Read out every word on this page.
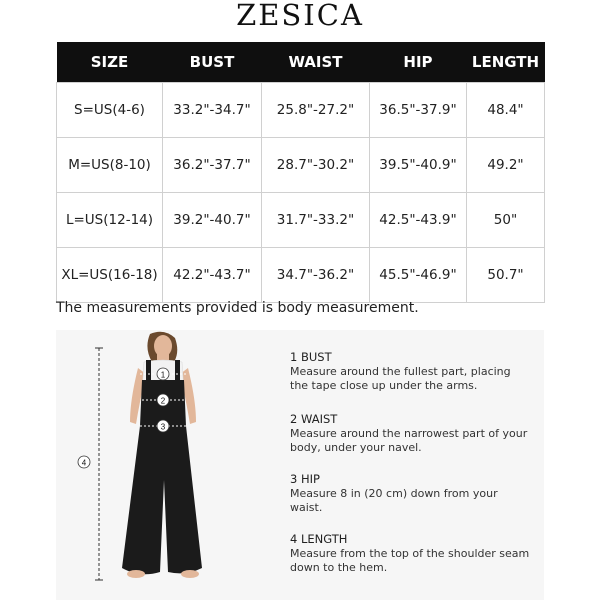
ZESICA
SIZE	BUST	WAIST	HIP	LENGTH
S=US(4-6)	33.2"-34.7"	25.8"-27.2"	36.5"-37.9"	48.4"
M=US(8-10)	36.2"-37.7"	28.7"-30.2"	39.5"-40.9"	49.2"
L=US(12-14)	39.2"-40.7"	31.7"-33.2"	42.5"-43.9"	50"
XL=US(16-18)	42.2"-43.7"	34.7"-36.2"	45.5"-46.9"	50.7"
The measurements provided is body measurement.
1
2
3
4
1 BUST
Measure around the fullest part, placing the tape close up under the arms.
2 WAIST
Measure around the narrowest part of your body, under your navel.
3 HIP
Measure 8 in (20 cm) down from your waist.
4 LENGTH
Measure from the top of the shoulder seam down to the hem.
